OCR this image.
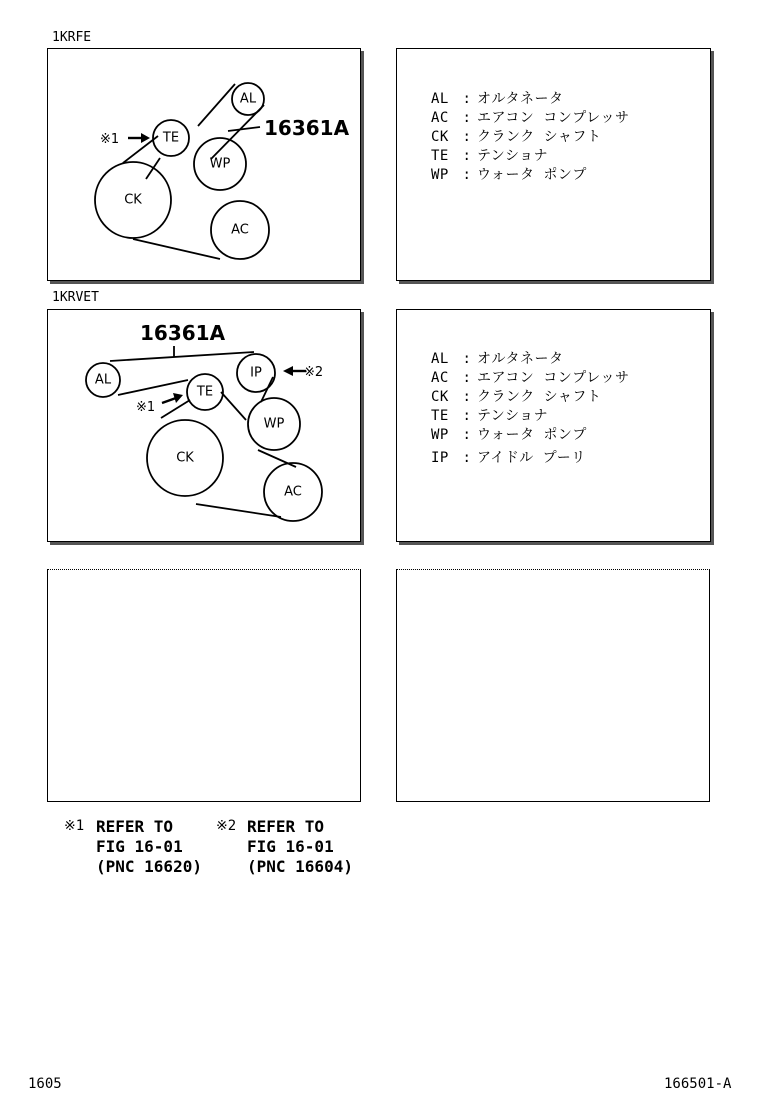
1KRFE
AL
TE
WP
CK
AC
※1	16361A
AL : オルタネータ
AC : エアコン コンプレッサ
CK : クランク シャフト
TE : テンショナ
WP : ウォータ ポンプ
1KRVET
AL
TE
IP
WP
CK
AC
※1
※2
16361A
AL : オルタネータ
AC : エアコン コンプレッサ
CK : クランク シャフト
TE : テンショナ
WP : ウォータ ポンプ
IP : アイドル プーリ
※1 REFER TO
FIG 16-01
(PNC 16620)
※2 REFER TO
FIG 16-01
(PNC 16604)
1605	166501-A
